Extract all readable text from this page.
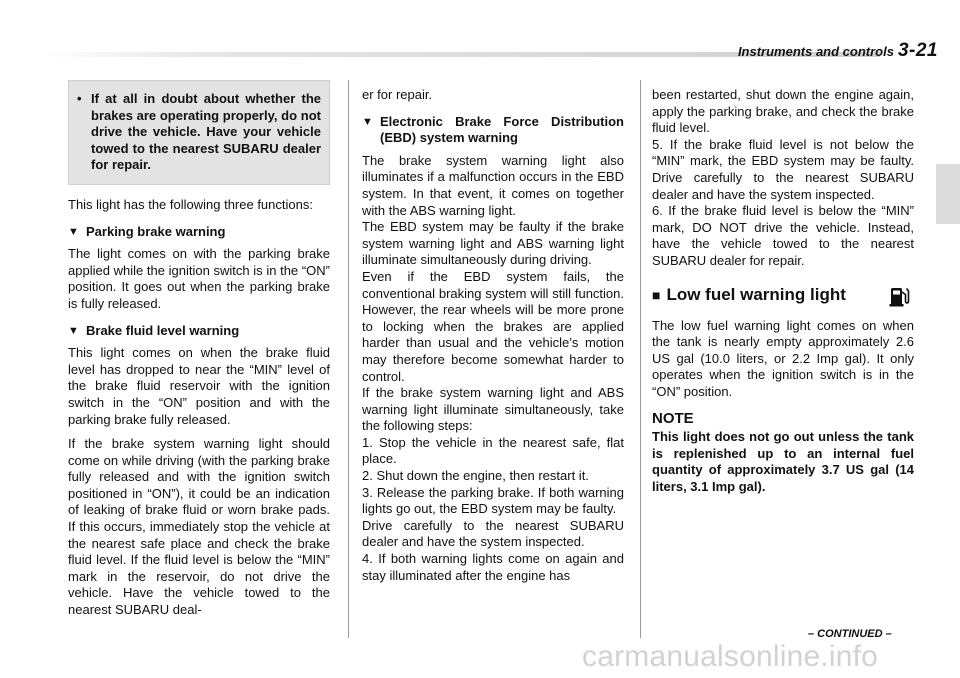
Instruments and controls 3-21
• If at all in doubt about whether the brakes are operating properly, do not drive the vehicle. Have your vehicle towed to the nearest SUBARU dealer for repair.

This light has the following three functions:

▼ Parking brake warning

The light comes on with the parking brake applied while the ignition switch is in the “ON” position. It goes out when the parking brake is fully released.

▼ Brake fluid level warning

This light comes on when the brake fluid level has dropped to near the “MIN” level of the brake fluid reservoir with the ignition switch in the “ON” position and with the parking brake fully released.

If the brake system warning light should come on while driving (with the parking brake fully released and with the ignition switch positioned in “ON”), it could be an indication of leaking of brake fluid or worn brake pads. If this occurs, immediately stop the vehicle at the nearest safe place and check the brake fluid level. If the fluid level is below the “MIN” mark in the reservoir, do not drive the vehicle. Have the vehicle towed to the nearest SUBARU deal-

er for repair.

▼ Electronic Brake Force Distribution (EBD) system warning

The brake system warning light also illuminates if a malfunction occurs in the EBD system. In that event, it comes on together with the ABS warning light.

The EBD system may be faulty if the brake system warning light and ABS warning light illuminate simultaneously during driving.

Even if the EBD system fails, the conventional braking system will still function. However, the rear wheels will be more prone to locking when the brakes are applied harder than usual and the vehicle’s motion may therefore become somewhat harder to control.

If the brake system warning light and ABS warning light illuminate simultaneously, take the following steps:

1. Stop the vehicle in the nearest safe, flat place.

2. Shut down the engine, then restart it.

3. Release the parking brake. If both warning lights go out, the EBD system may be faulty.

Drive carefully to the nearest SUBARU dealer and have the system inspected.

4. If both warning lights come on again and stay illuminated after the engine has

been restarted, shut down the engine again, apply the parking brake, and check the brake fluid level.

5. If the brake fluid level is not below the “MIN” mark, the EBD system may be faulty. Drive carefully to the nearest SUBARU dealer and have the system inspected.

6. If the brake fluid level is below the “MIN” mark, DO NOT drive the vehicle. Instead, have the vehicle towed to the nearest SUBARU dealer for repair.

■ Low fuel warning light

The low fuel warning light comes on when the tank is nearly empty approximately 2.6 US gal (10.0 liters, or 2.2 Imp gal). It only operates when the ignition switch is in the “ON” position.

NOTE

This light does not go out unless the tank is replenished up to an internal fuel quantity of approximately 3.7 US gal (14 liters, 3.1 Imp gal).

– CONTINUED –
carmanualsonline.info
